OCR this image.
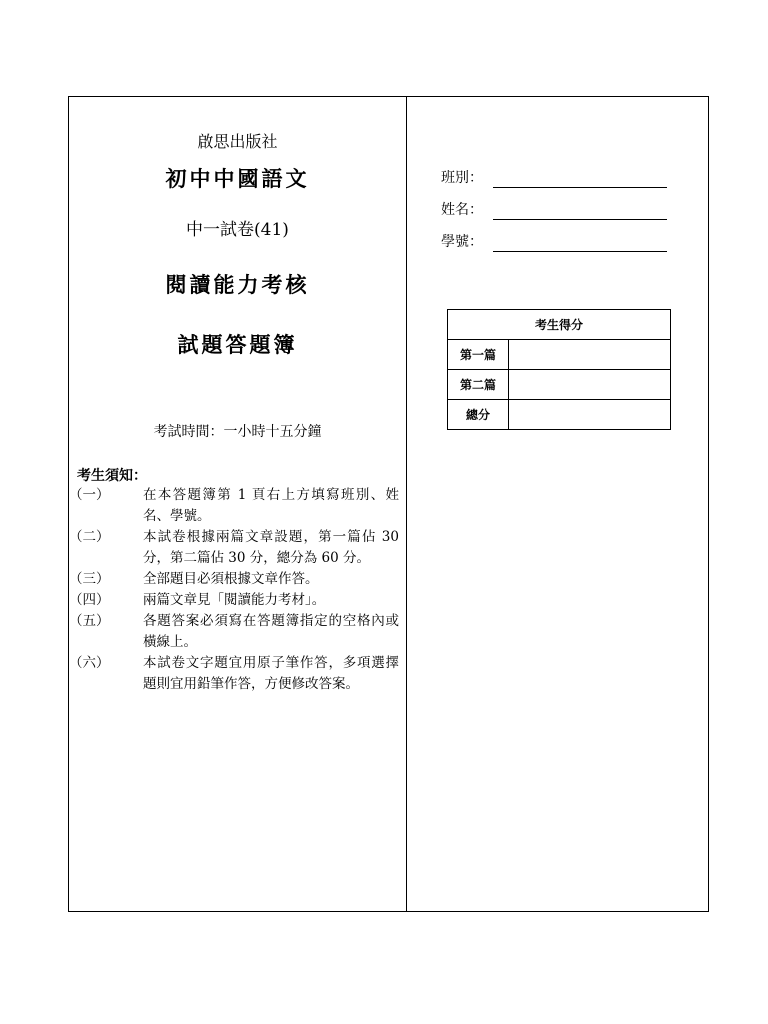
啟思出版社
初中中國語文
中一試卷(41)
閱讀能力考核
試題答題簿
考試時間：一小時十五分鐘
考生須知：
（一） 在本答題簿第 1 頁右上方填寫班別、姓名、學號。
（二） 本試卷根據兩篇文章設題，第一篇佔 30 分，第二篇佔 30 分，總分為 60 分。
（三） 全部題目必須根據文章作答。
（四） 兩篇文章見「閱讀能力考材」。
（五） 各題答案必須寫在答題簿指定的空格內或橫線上。
（六） 本試卷文字題宜用原子筆作答，多項選擇題則宜用鉛筆作答，方便修改答案。
班別：
姓名：
學號：
考生得分	
第一篇	
第二篇	
總分	
